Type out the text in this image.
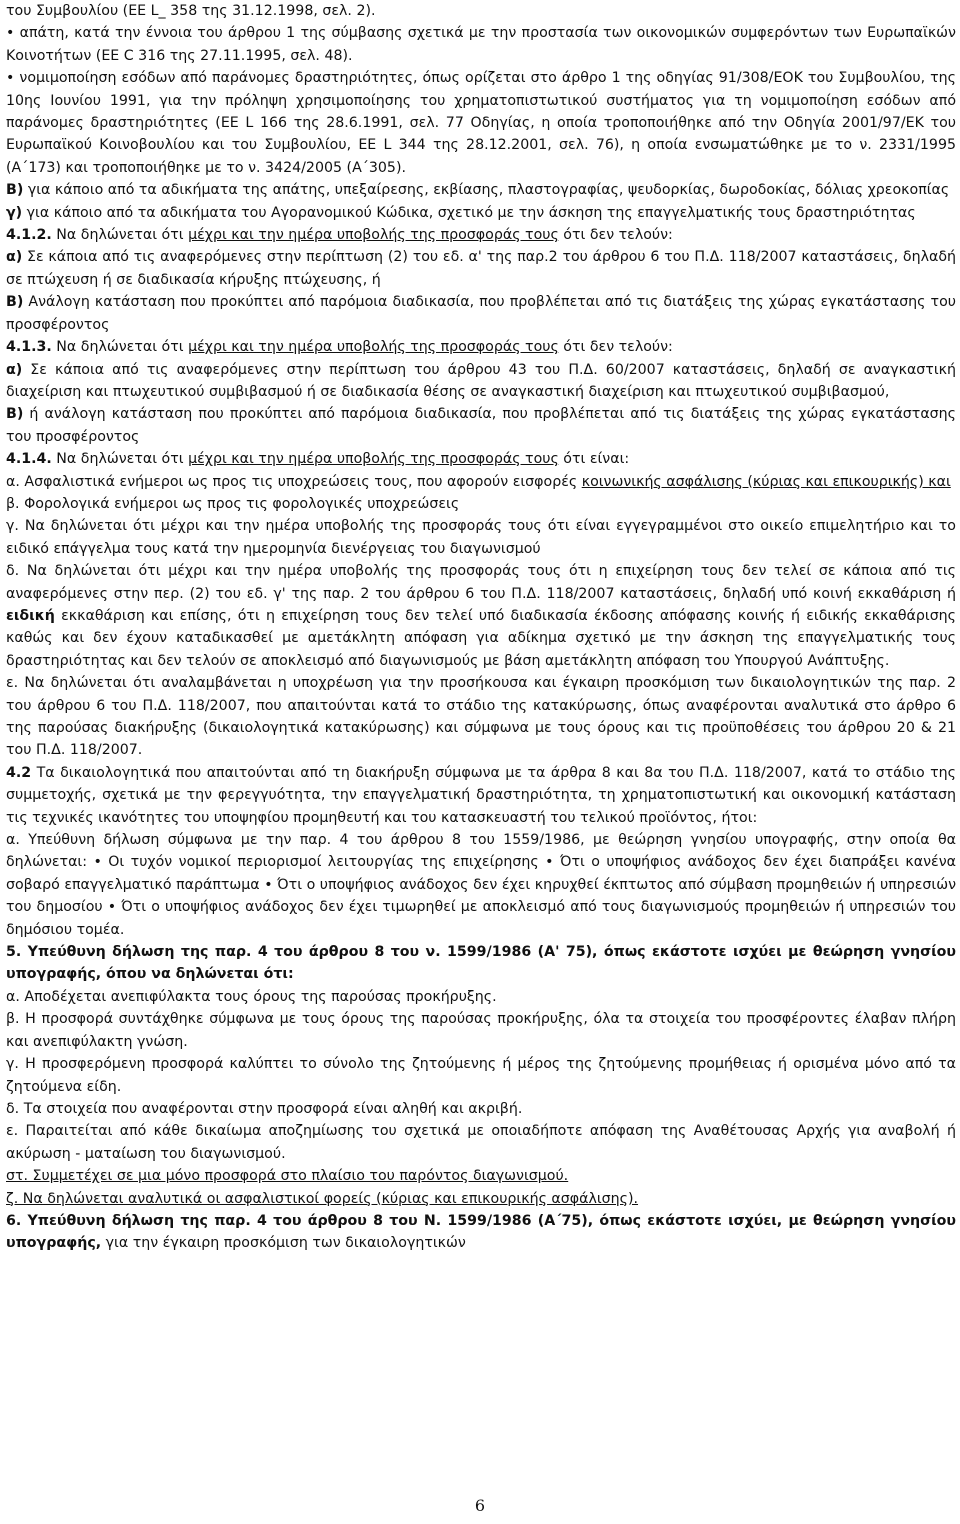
του Συμβουλίου (ΕΕ L_ 358 της 31.12.1998, σελ. 2).

• απάτη, κατά την έννοια του άρθρου 1 της σύμβασης σχετικά με την προστασία των οικονομικών συμφερόντων των Ευρωπαϊκών Κοινοτήτων (ΕΕ C 316 της 27.11.1995, σελ. 48).

• νομιμοποίηση εσόδων από παράνομες δραστηριότητες, όπως ορίζεται στο άρθρο 1 της οδηγίας 91/308/ΕΟΚ του Συμβουλίου, της 10ης Ιουνίου 1991, για την πρόληψη χρησιμοποίησης του χρηματοπιστωτικού συστήματος για τη νομιμοποίηση εσόδων από παράνομες δραστηριότητες (ΕΕ L 166 της 28.6.1991, σελ. 77 Οδηγίας, η οποία τροποποιήθηκε από την Οδηγία 2001/97/ΕΚ του Ευρωπαϊκού Κοινοβουλίου και του Συμβουλίου, ΕΕ L 344 της 28.12.2001, σελ. 76), η οποία ενσωματώθηκε με το ν. 2331/1995 (Α΄173) και τροποποιήθηκε με το ν. 3424/2005 (Α΄305).

Β) για κάποιο από τα αδικήματα της απάτης, υπεξαίρεσης, εκβίασης, πλαστογραφίας, ψευδορκίας, δωροδοκίας, δόλιας χρεοκοπίας

γ) για κάποιο από τα αδικήματα του Αγορανομικού Κώδικα, σχετικό με την άσκηση της επαγγελματικής τους δραστηριότητας

4.1.2. Να δηλώνεται ότι μέχρι και την ημέρα υποβολής της προσφοράς τους ότι δεν τελούν:

α) Σε κάποια από τις αναφερόμενες στην περίπτωση (2) του εδ. α' της παρ.2 του άρθρου 6 του Π.Δ. 118/2007 καταστάσεις, δηλαδή σε πτώχευση ή σε διαδικασία κήρυξης πτώχευσης, ή

Β) Ανάλογη κατάσταση που προκύπτει από παρόμοια διαδικασία, που προβλέπεται από τις διατάξεις της χώρας εγκατάστασης του προσφέροντος

4.1.3. Να δηλώνεται ότι μέχρι και την ημέρα υποβολής της προσφοράς τους ότι δεν τελούν:

α) Σε κάποια από τις αναφερόμενες στην περίπτωση του άρθρου 43 του Π.Δ. 60/2007 καταστάσεις, δηλαδή σε αναγκαστική διαχείριση και πτωχευτικού συμβιβασμού ή σε διαδικασία θέσης σε αναγκαστική διαχείριση και πτωχευτικού συμβιβασμού,

Β) ή ανάλογη κατάσταση που προκύπτει από παρόμοια διαδικασία, που προβλέπεται από τις διατάξεις της χώρας εγκατάστασης του προσφέροντος

4.1.4. Να δηλώνεται ότι μέχρι και την ημέρα υποβολής της προσφοράς τους ότι είναι:

α. Ασφαλιστικά ενήμεροι ως προς τις υποχρεώσεις τους, που αφορούν εισφορές κοινωνικής ασφάλισης (κύριας και επικουρικής) και

β. Φορολογικά ενήμεροι ως προς τις φορολογικές υποχρεώσεις

γ. Να δηλώνεται ότι μέχρι και την ημέρα υποβολής της προσφοράς τους ότι είναι εγγεγραμμένοι στο οικείο επιμελητήριο και το ειδικό επάγγελμα τους κατά την ημερομηνία διενέργειας του διαγωνισμού

δ. Να δηλώνεται ότι μέχρι και την ημέρα υποβολής της προσφοράς τους ότι η επιχείρηση τους δεν τελεί σε κάποια από τις αναφερόμενες στην περ. (2) του εδ. γ' της παρ. 2 του άρθρου 6 του Π.Δ. 118/2007 καταστάσεις, δηλαδή υπό κοινή εκκαθάριση ή ειδική εκκαθάριση και επίσης, ότι η επιχείρηση τους δεν τελεί υπό διαδικασία έκδοσης απόφασης κοινής ή ειδικής εκκαθάρισης καθώς και δεν έχουν καταδικασθεί με αμετάκλητη απόφαση για αδίκημα σχετικό με την άσκηση της επαγγελματικής τους δραστηριότητας και δεν τελούν σε αποκλεισμό από διαγωνισμούς με βάση αμετάκλητη απόφαση του Υπουργού Ανάπτυξης.

ε. Να δηλώνεται ότι αναλαμβάνεται η υποχρέωση για την προσήκουσα και έγκαιρη προσκόμιση των δικαιολογητικών της παρ. 2 του άρθρου 6 του Π.Δ. 118/2007, που απαιτούνται κατά το στάδιο της κατακύρωσης, όπως αναφέρονται αναλυτικά στο άρθρο 6 της παρούσας διακήρυξης (δικαιολογητικά κατακύρωσης) και σύμφωνα με τους όρους και τις προϋποθέσεις του άρθρου 20 & 21 του Π.Δ. 118/2007.

4.2 Τα δικαιολογητικά που απαιτούνται από τη διακήρυξη σύμφωνα με τα άρθρα 8 και 8α του Π.Δ. 118/2007, κατά το στάδιο της συμμετοχής, σχετικά με την φερεγγυότητα, την επαγγελματική δραστηριότητα, τη χρηματοπιστωτική και οικονομική κατάσταση τις τεχνικές ικανότητες του υποψηφίου προμηθευτή και του κατασκευαστή του τελικού προϊόντος, ήτοι:

α. Υπεύθυνη δήλωση σύμφωνα με την παρ. 4 του άρθρου 8 του 1559/1986, με θεώρηση γνησίου υπογραφής, στην οποία θα δηλώνεται: • Οι τυχόν νομικοί περιορισμοί λειτουργίας της επιχείρησης • Ότι ο υποψήφιος ανάδοχος δεν έχει διαπράξει κανένα σοβαρό επαγγελματικό παράπτωμα • Ότι ο υποψήφιος ανάδοχος δεν έχει κηρυχθεί έκπτωτος από σύμβαση προμηθειών ή υπηρεσιών του δημοσίου • Ότι ο υποψήφιος ανάδοχος δεν έχει τιμωρηθεί με αποκλεισμό από τους διαγωνισμούς προμηθειών ή υπηρεσιών του δημόσιου τομέα.

5. Υπεύθυνη δήλωση της παρ. 4 του άρθρου 8 του ν. 1599/1986 (Α' 75), όπως εκάστοτε ισχύει με θεώρηση γνησίου υπογραφής, όπου να δηλώνεται ότι:

α. Αποδέχεται ανεπιφύλακτα τους όρους της παρούσας προκήρυξης.

β. Η προσφορά συντάχθηκε σύμφωνα με τους όρους της παρούσας προκήρυξης, όλα τα στοιχεία του προσφέροντες έλαβαν πλήρη και ανεπιφύλακτη γνώση.

γ. Η προσφερόμενη προσφορά καλύπτει το σύνολο της ζητούμενης ή μέρος της ζητούμενης προμήθειας ή ορισμένα μόνο από τα ζητούμενα είδη.

δ. Τα στοιχεία που αναφέρονται στην προσφορά είναι αληθή και ακριβή.

ε. Παραιτείται από κάθε δικαίωμα αποζημίωσης του σχετικά με οποιαδήποτε απόφαση της Αναθέτουσας Αρχής για αναβολή ή ακύρωση - ματαίωση του διαγωνισμού.

στ. Συμμετέχει σε μια μόνο προσφορά στο πλαίσιο του παρόντος διαγωνισμού.

ζ. Να δηλώνεται αναλυτικά οι ασφαλιστικοί φορείς (κύριας και επικουρικής ασφάλισης).

6. Υπεύθυνη δήλωση της παρ. 4 του άρθρου 8 του Ν. 1599/1986 (Α΄75), όπως εκάστοτε ισχύει, με θεώρηση γνησίου υπογραφής, για την έγκαιρη προσκόμιση των δικαιολογητικών

6
